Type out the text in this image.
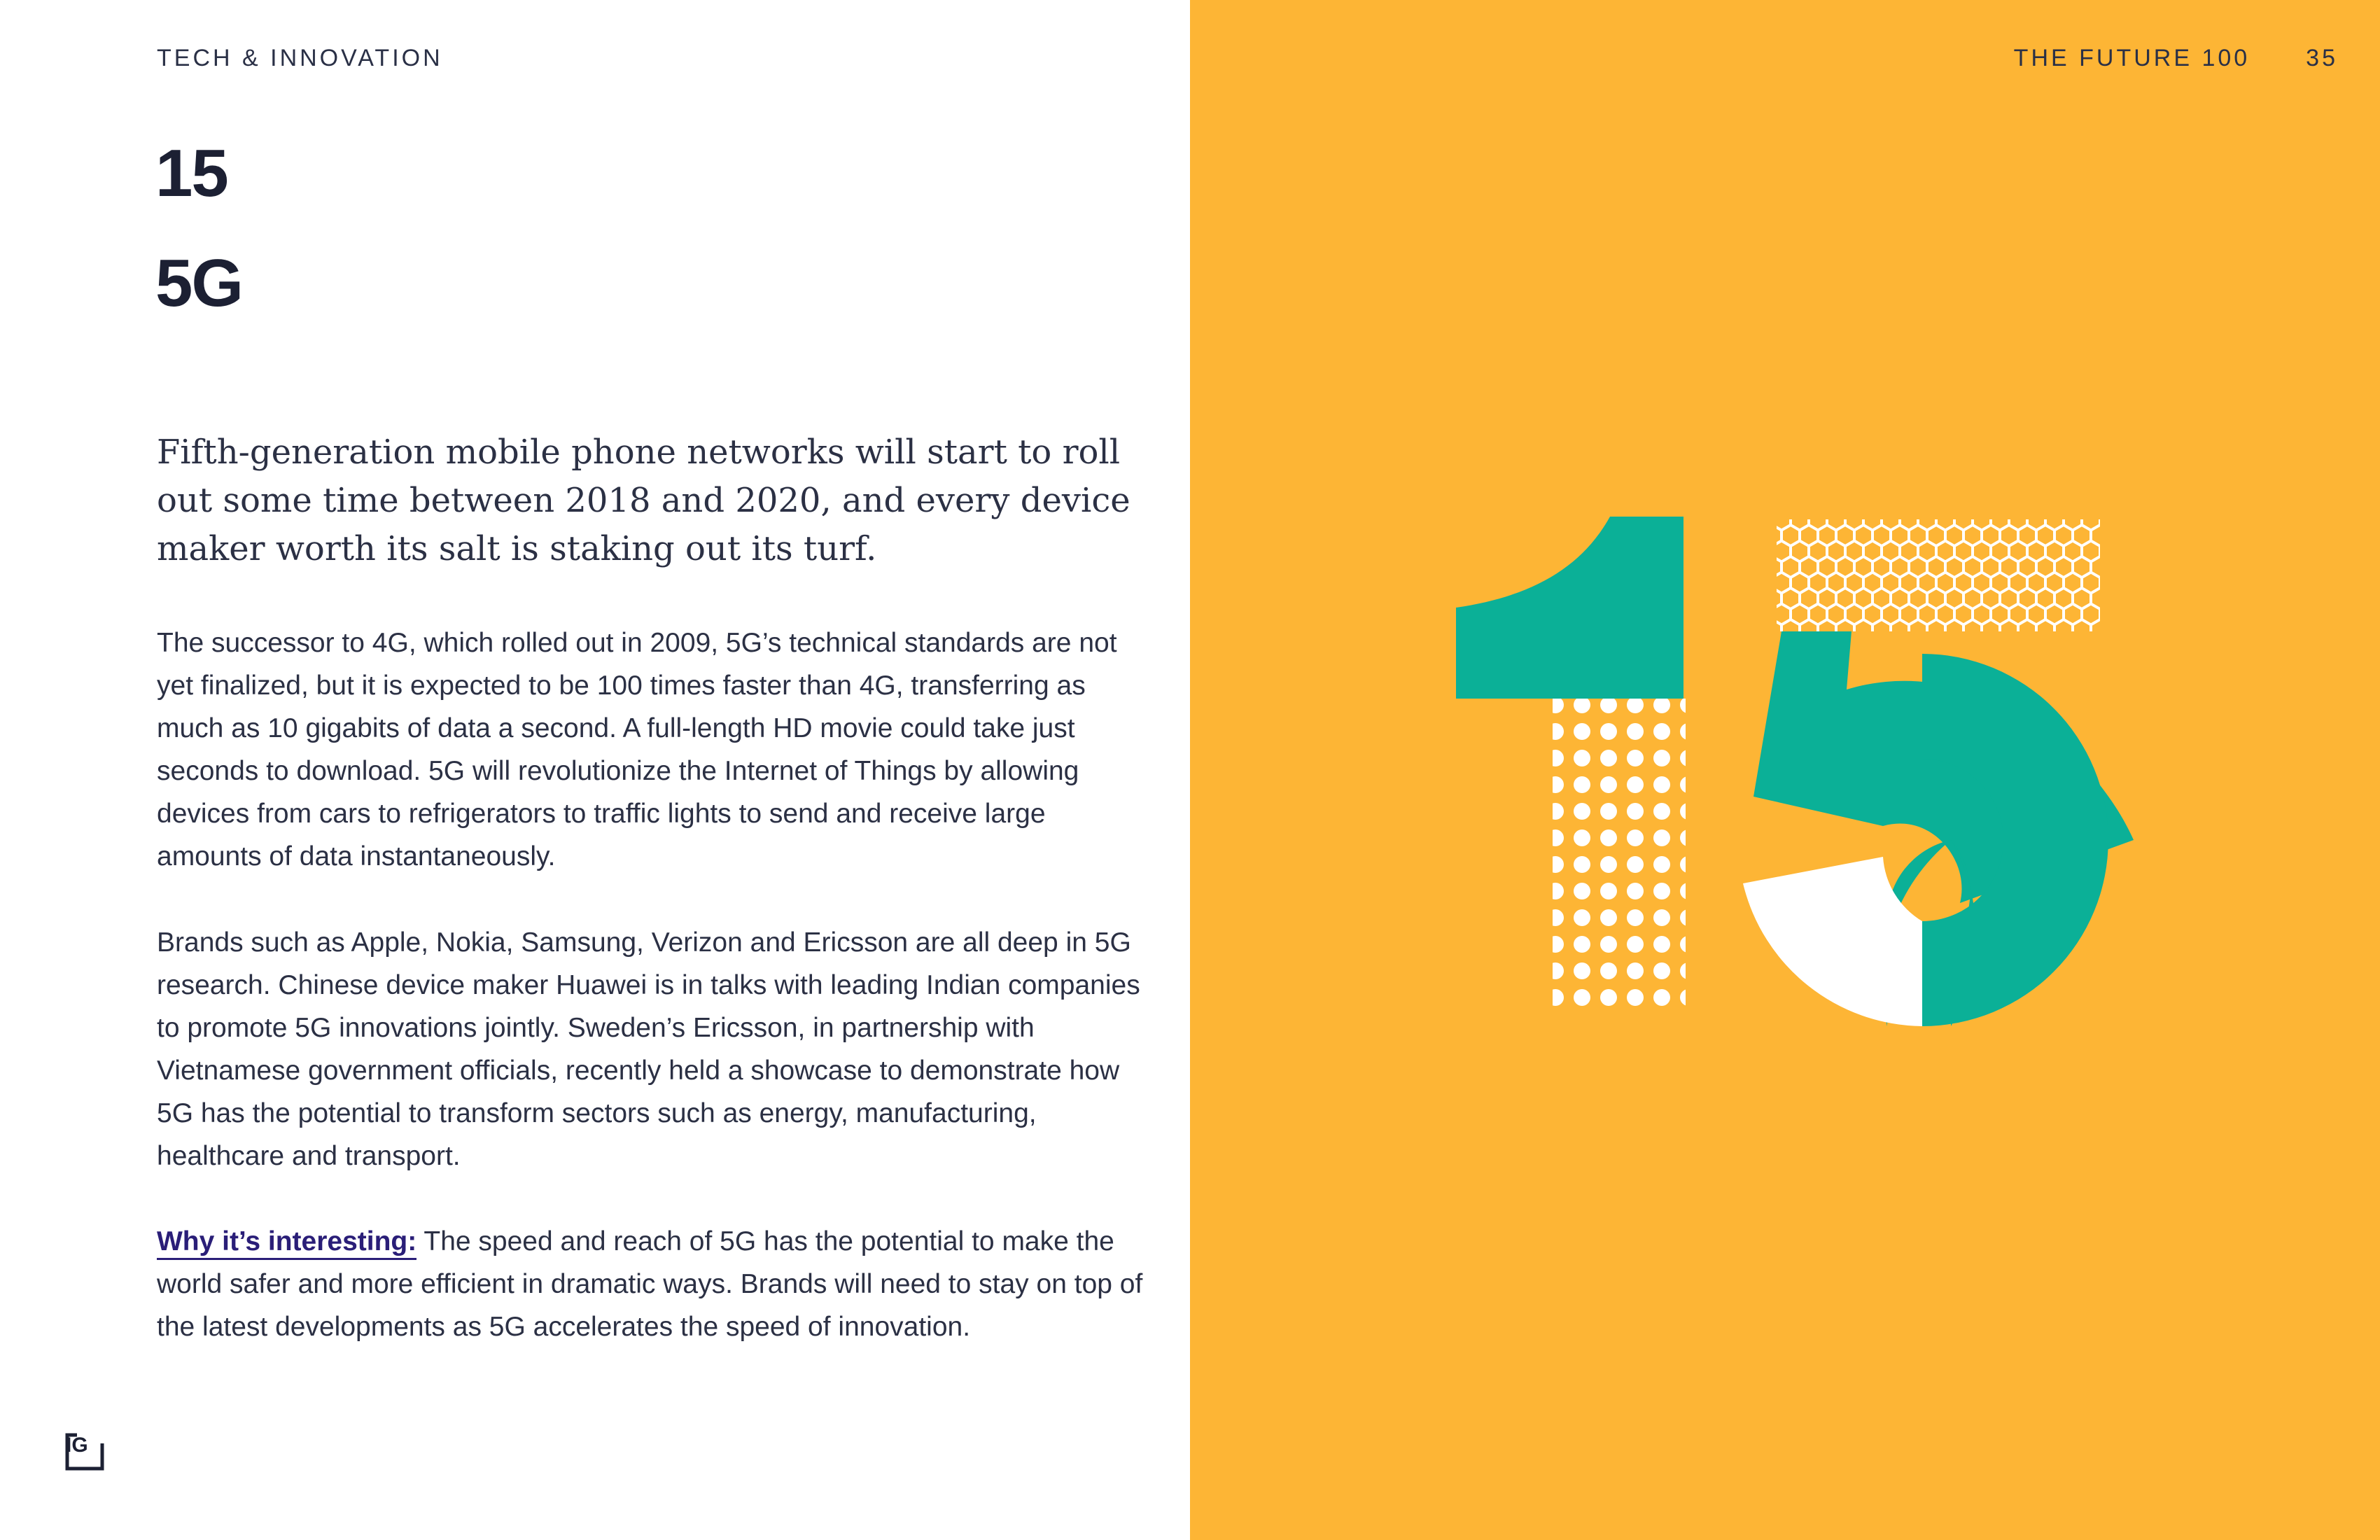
TECH & INNOVATION
15
5G
Fifth-generation mobile phone networks will start to roll out some time between 2018 and 2020, and every device maker worth its salt is staking out its turf.
The successor to 4G, which rolled out in 2009, 5G’s technical standards are not yet finalized, but it is expected to be 100 times faster than 4G, transferring as much as 10 gigabits of data a second. A full-length HD movie could take just seconds to download. 5G will revolutionize the Internet of Things by allowing devices from cars to refrigerators to traffic lights to send and receive large amounts of data instantaneously.
Brands such as Apple, Nokia, Samsung, Verizon and Ericsson are all deep in 5G research. Chinese device maker Huawei is in talks with leading Indian companies to promote 5G innovations jointly. Sweden’s Ericsson, in partnership with Vietnamese government officials, recently held a showcase to demonstrate how 5G has the potential to transform sectors such as energy, manufacturing, healthcare and transport.
Why it’s interesting: The speed and reach of 5G has the potential to make the world safer and more efficient in dramatic ways. Brands will need to stay on top of the latest developments as 5G accelerates the speed of innovation.
IG
THE FUTURE 100 35
